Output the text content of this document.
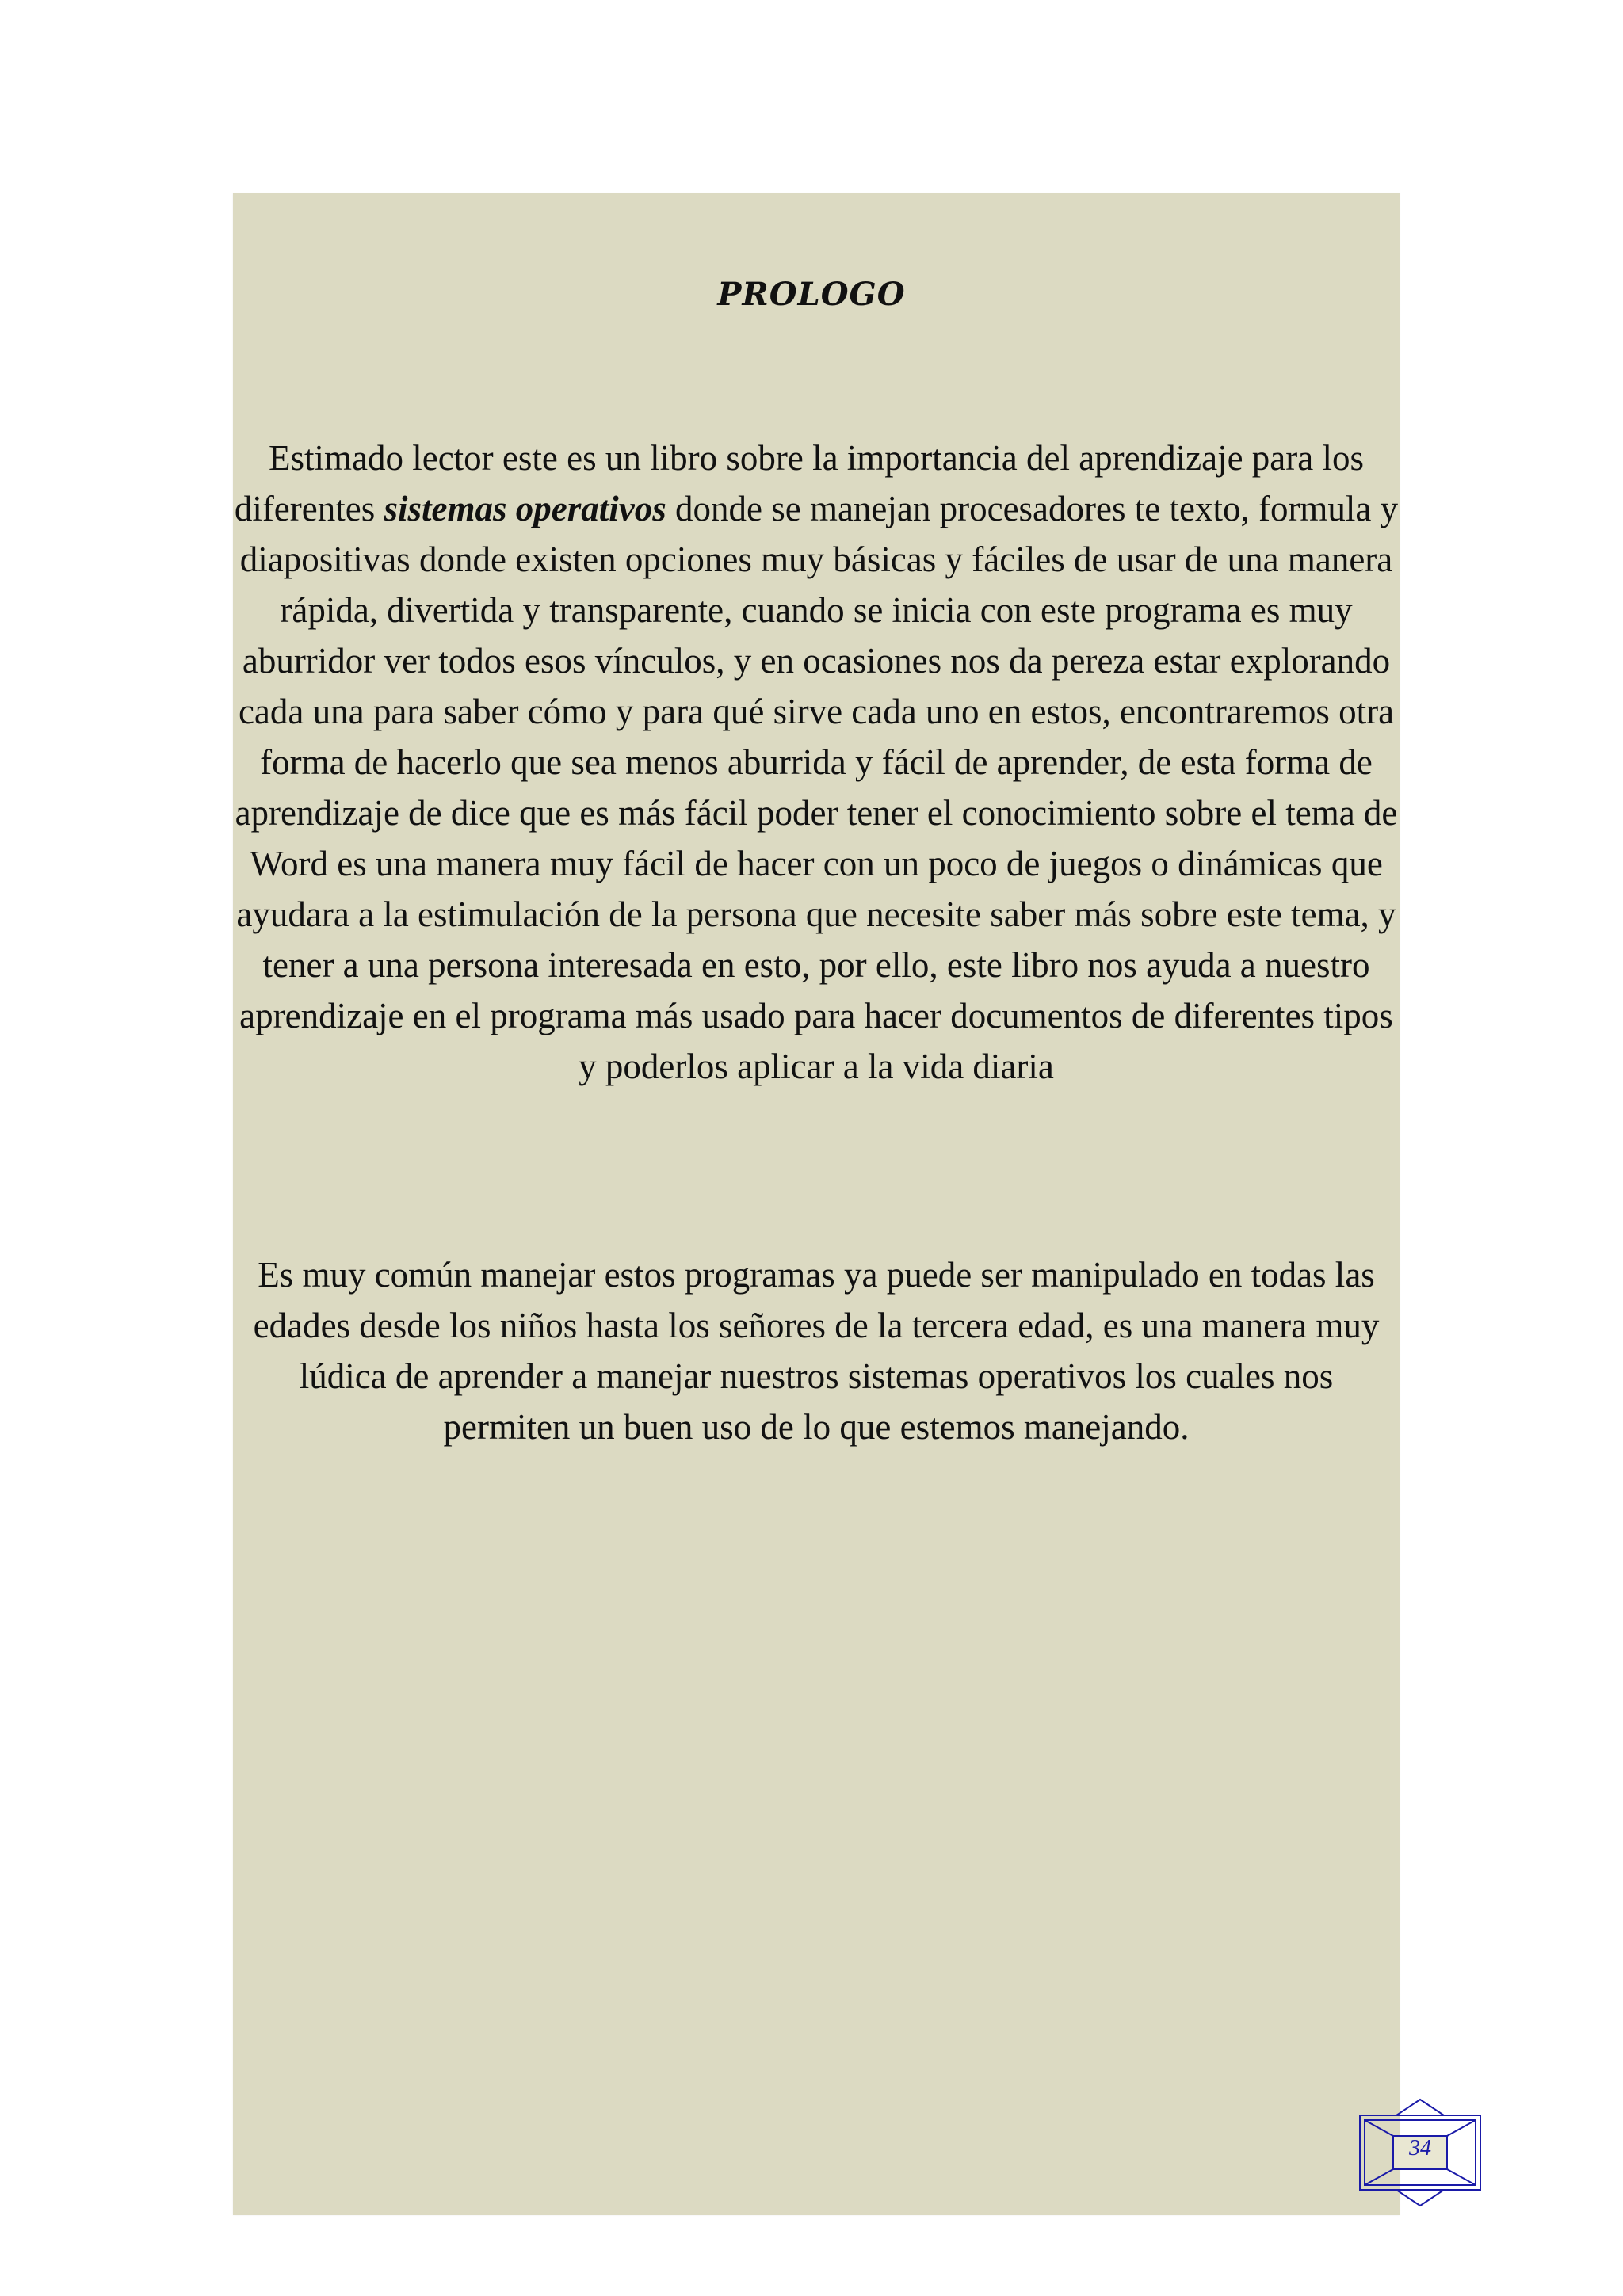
PROLOGO

Estimado lector este es un libro sobre la importancia del aprendizaje para los diferentes sistemas operativos donde se manejan procesadores te texto, formula y diapositivas donde existen opciones muy básicas y fáciles de usar de una manera rápida, divertida y transparente, cuando se inicia con este programa es muy aburridor ver todos esos vínculos, y en ocasiones nos da pereza estar explorando cada una para saber cómo y para qué sirve cada uno en estos, encontraremos otra forma de hacerlo que sea menos aburrida y fácil de aprender, de esta forma de aprendizaje de dice que es más fácil poder tener el conocimiento sobre el tema de Word es una manera muy fácil de hacer con un poco de juegos o dinámicas que ayudara a la estimulación de la persona que necesite saber más sobre este tema, y tener a una persona interesada en esto, por ello, este libro nos ayuda a nuestro aprendizaje en el programa más usado para hacer documentos de diferentes tipos y poderlos aplicar a la vida diaria

Es muy común manejar estos programas ya puede ser manipulado en todas las edades desde los niños hasta los señores de la tercera edad, es una manera muy lúdica de aprender a manejar nuestros sistemas operativos los cuales nos permiten un buen uso de lo que estemos manejando.

34
